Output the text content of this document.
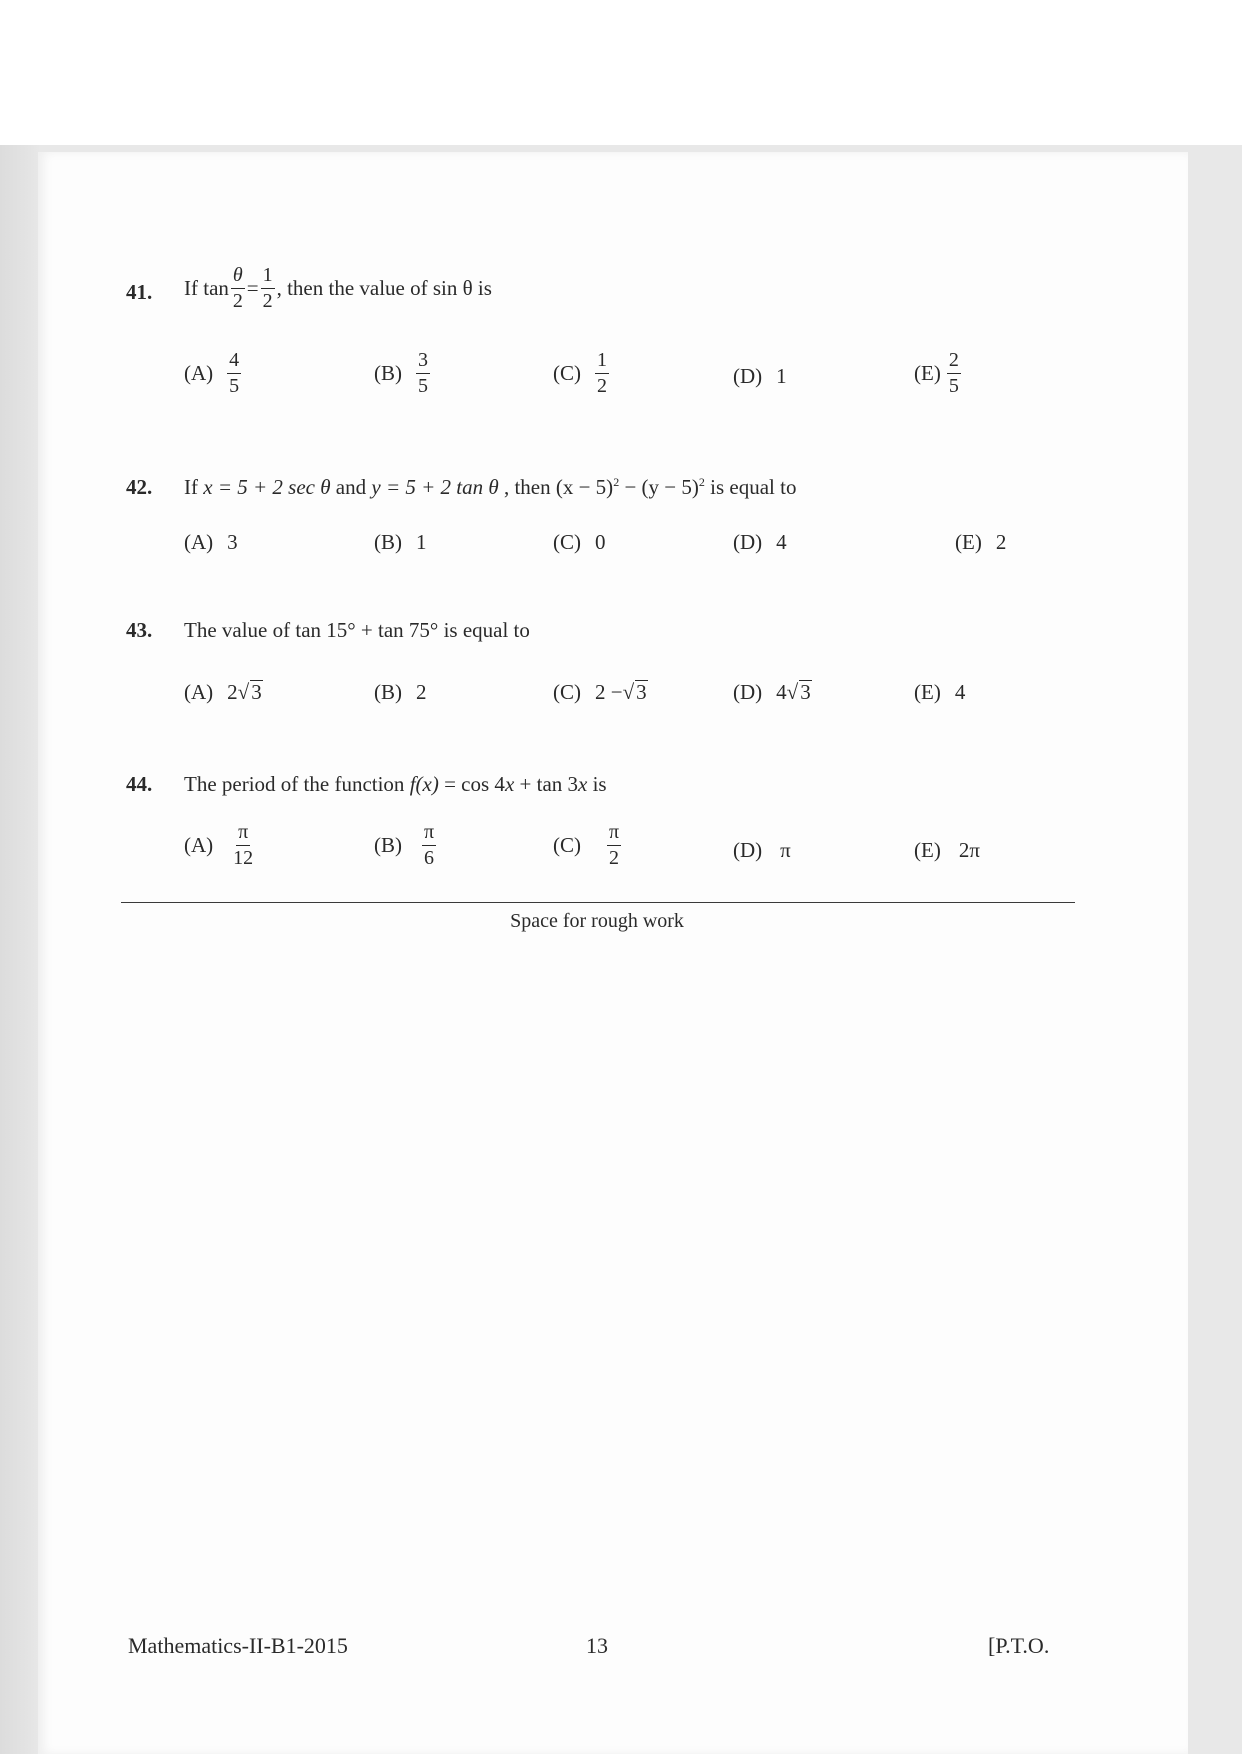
41. If $\tan \frac{\theta}{2} = \frac{1}{2}$ , then the value of sin θ is
$(A) \frac{4}{5}$	$(B) \frac{3}{5}$	$(C) \frac{1}{2}$	(D) 1	$(E) \frac{2}{5}$
42. If x = 5 + 2 sec θ and y = 5 + 2 tan θ , then $(x - 5)^2 - (y - 5)^2$ is equal to
(A) 3	(B) 1	(C) 0	(D) 4	(E) 2
43. The value of tan 15° + tan 75° is equal to
(A) 2 √ 3	(B) 2	(C) 2 − √ 3	(D) 4 √ 3	(E) 4
44. The period of the function f(x) = cos 4x + tan 3x is
$(A) \frac{\pi}{12}$	$(B) \frac{\pi}{6}$	$(C) \frac{\pi}{2}$	(D) π	(E) 2π
Space for rough work
Mathematics-II-B1-2015	13	[P.T.O.
